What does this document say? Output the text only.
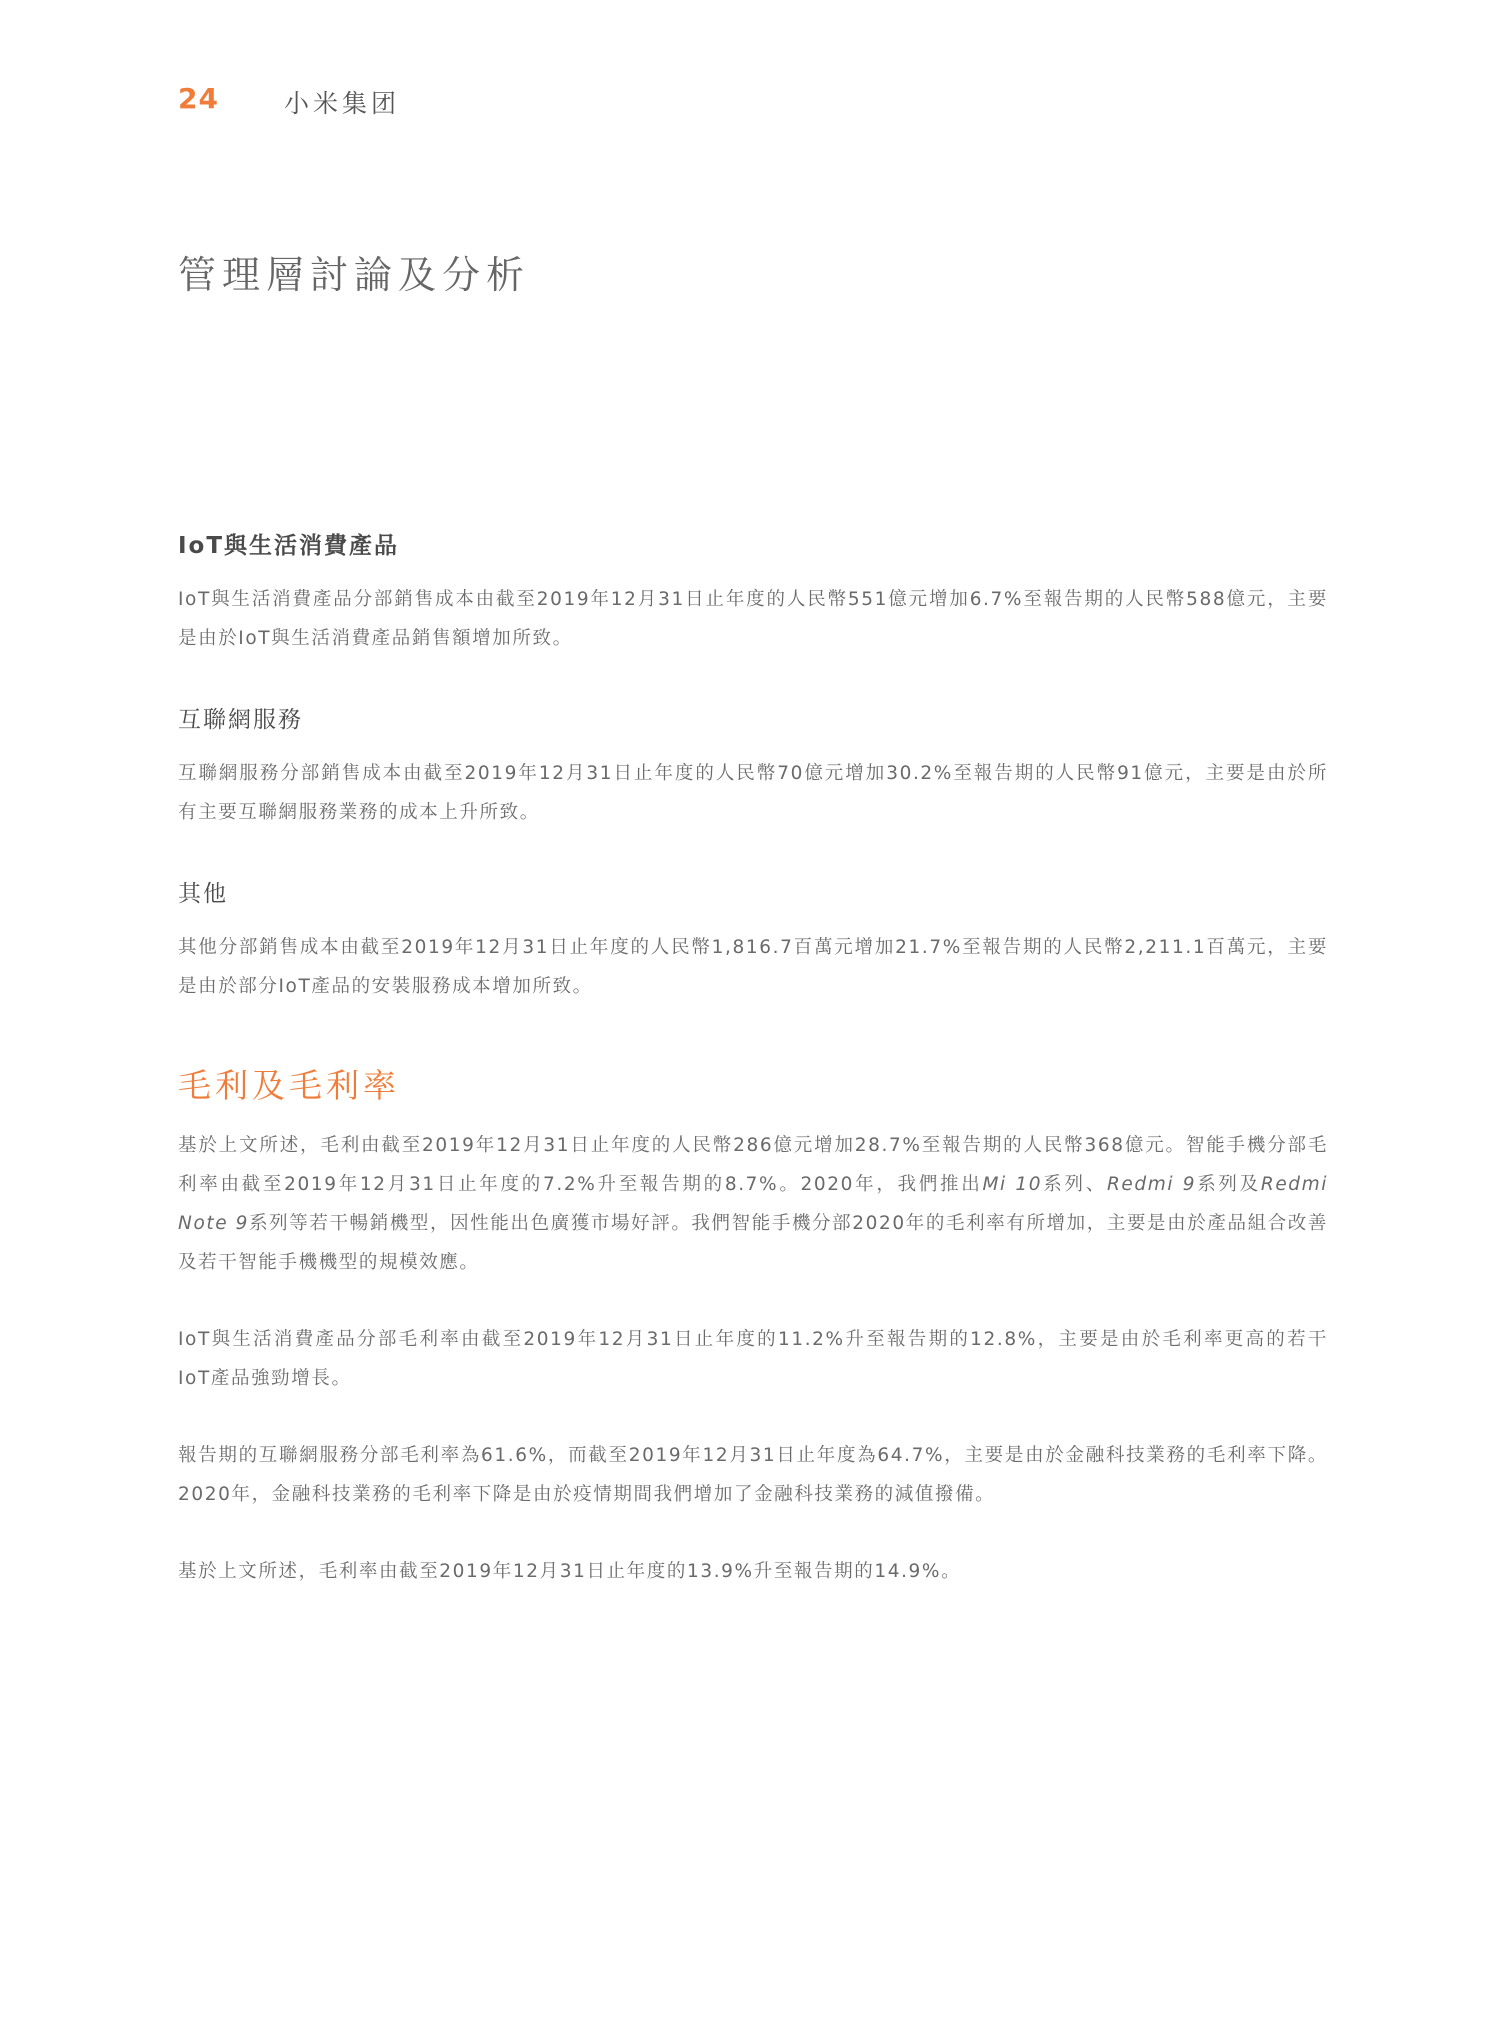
24	小米集团
管理層討論及分析
IoT與生活消費產品

IoT與生活消費產品分部銷售成本由截至2019年12月31日止年度的人民幣551億元增加6.7%至報告期的人民幣588億元，主要是由於IoT與生活消費產品銷售額增加所致。

互聯網服務

互聯網服務分部銷售成本由截至2019年12月31日止年度的人民幣70億元增加30.2%至報告期的人民幣91億元，主要是由於所有主要互聯網服務業務的成本上升所致。

其他

其他分部銷售成本由截至2019年12月31日止年度的人民幣1,816.7百萬元增加21.7%至報告期的人民幣2,211.1百萬元，主要是由於部分IoT產品的安裝服務成本增加所致。

毛利及毛利率

基於上文所述，毛利由截至2019年12月31日止年度的人民幣286億元增加28.7%至報告期的人民幣368億元。智能手機分部毛利率由截至2019年12月31日止年度的7.2%升至報告期的8.7%。2020年，我們推出Mi 10系列、Redmi 9系列及Redmi Note 9系列等若干暢銷機型，因性能出色廣獲市場好評。我們智能手機分部2020年的毛利率有所增加，主要是由於產品組合改善及若干智能手機機型的規模效應。

IoT與生活消費產品分部毛利率由截至2019年12月31日止年度的11.2%升至報告期的12.8%，主要是由於毛利率更高的若干IoT產品強勁增長。

報告期的互聯網服務分部毛利率為61.6%，而截至2019年12月31日止年度為64.7%，主要是由於金融科技業務的毛利率下降。2020年，金融科技業務的毛利率下降是由於疫情期間我們增加了金融科技業務的減值撥備。

基於上文所述，毛利率由截至2019年12月31日止年度的13.9%升至報告期的14.9%。
